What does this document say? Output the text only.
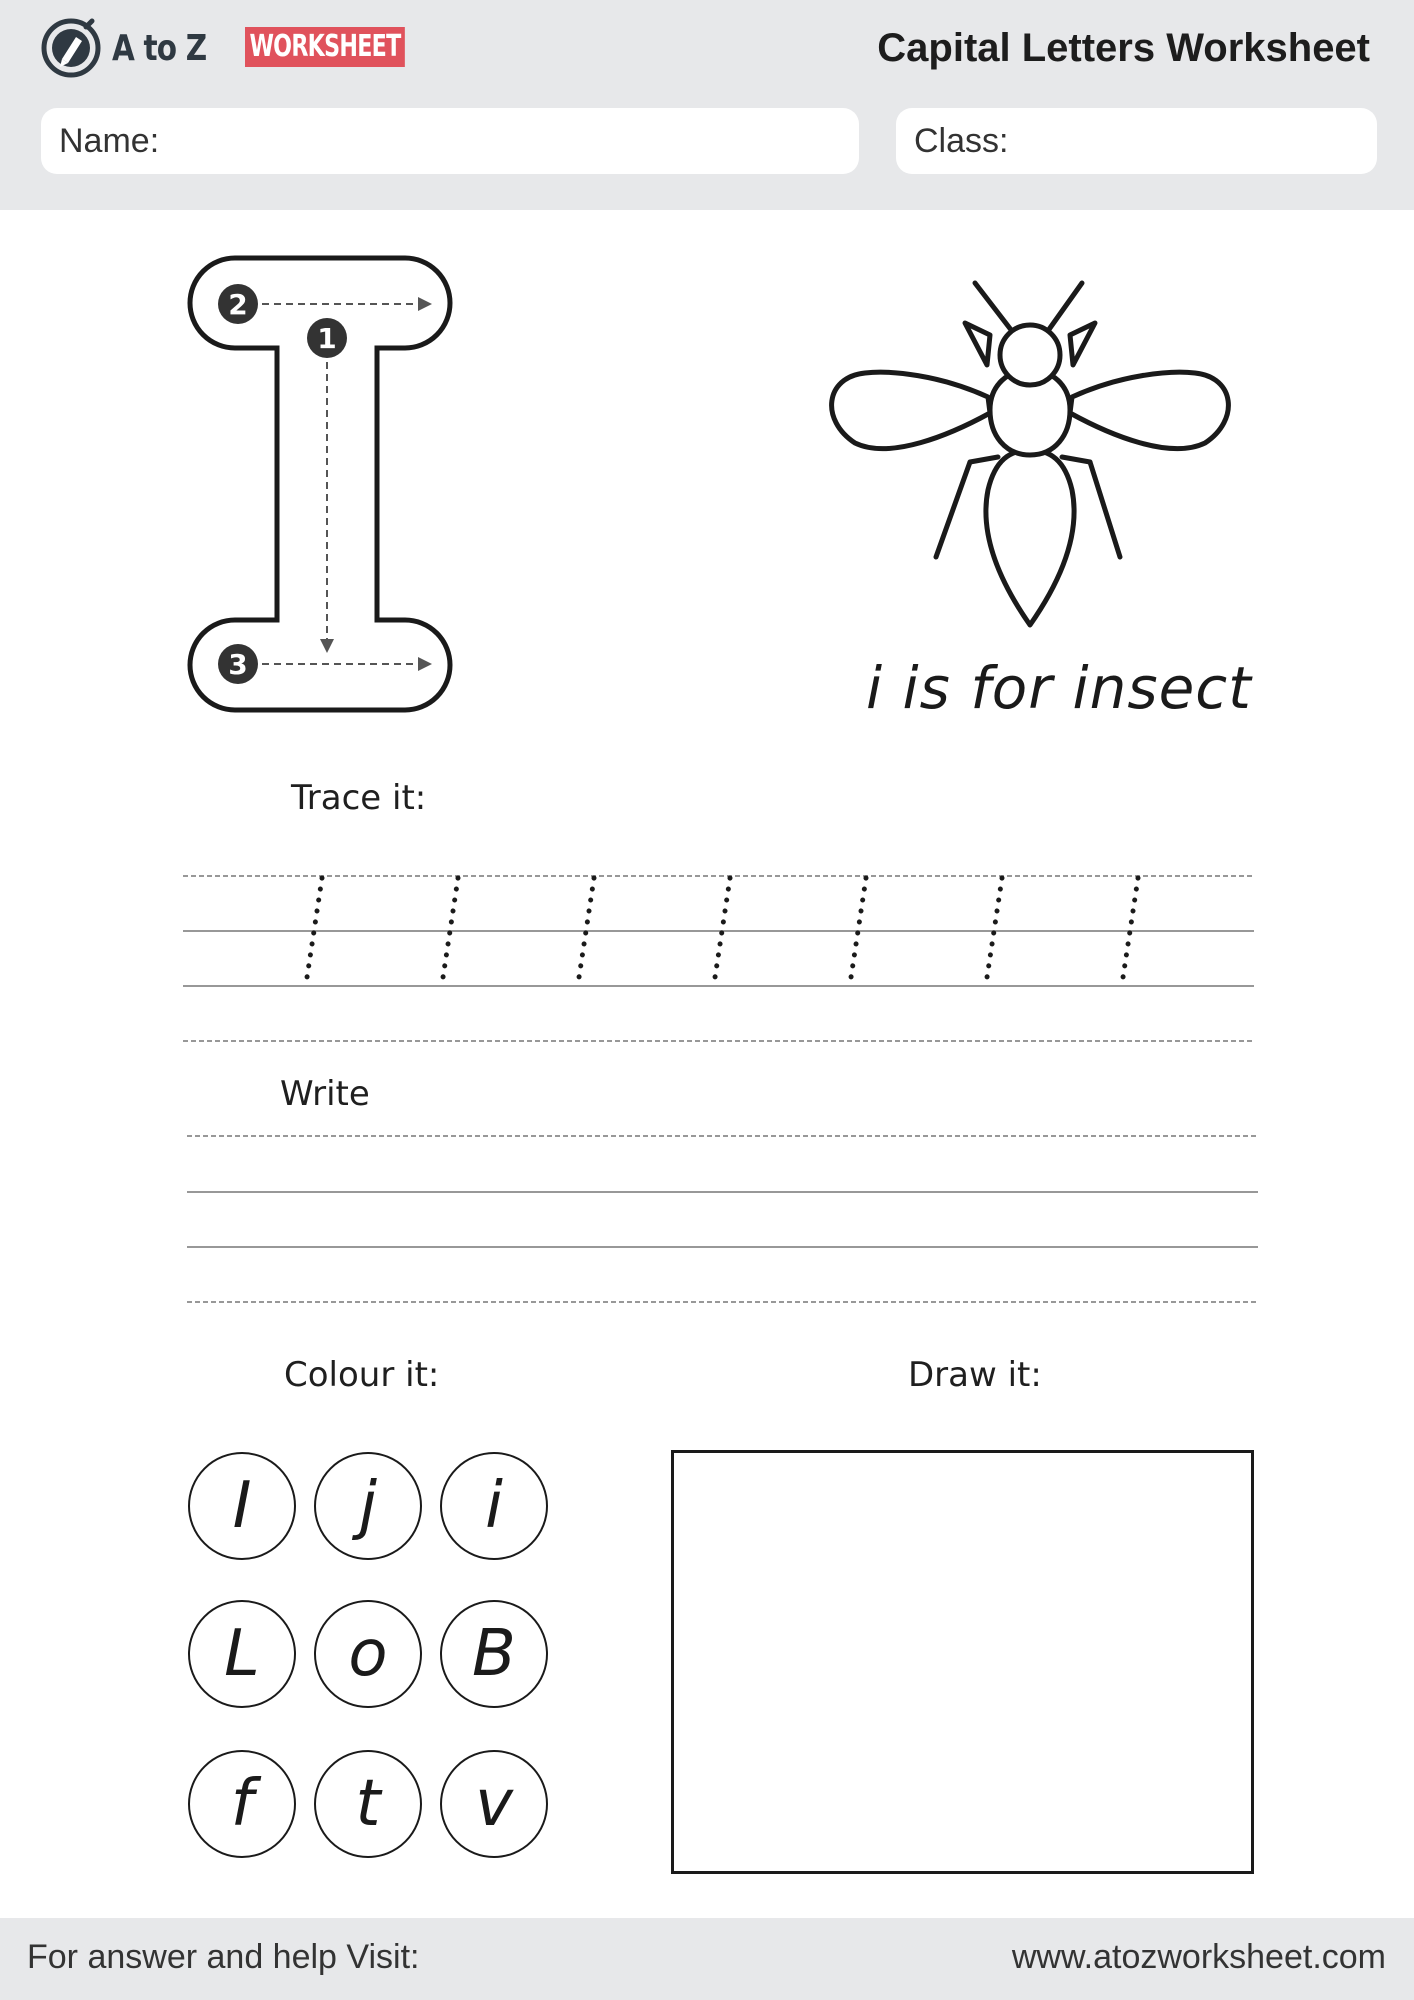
A to Z WORKSHEET	Capital Letters Worksheet
Name:	Class:
2
1
3	i is for insect
Trace it:
Write
Colour it:	Draw it:
I	j	i
L	o	B
f	t	v
For answer and help Visit:	www.atozworksheet.com
